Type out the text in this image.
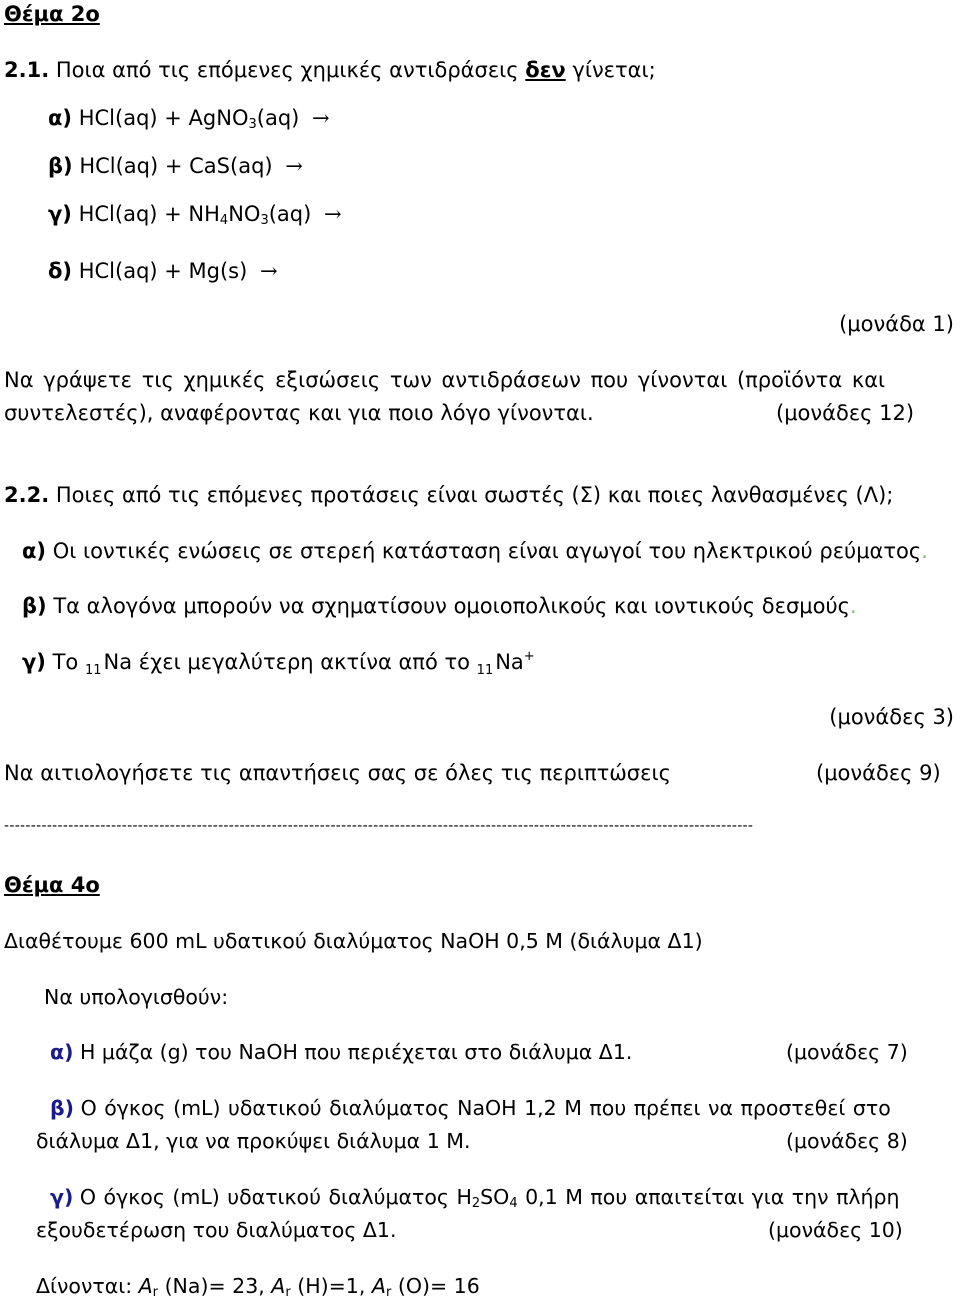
Θέμα 2ο
2.1. Ποια από τις επόμενες χημικές αντιδράσεις δεν γίνεται;
α) HCl(aq) + AgNO$_3$(aq) →
β) HCl(aq) + CaS(aq) →
γ) $HCl(aq) + NH_4NO_3(aq)$ →
δ) HCl(aq) + Mg(s) →
(μονάδα 1)
Να γράψετε τις χημικές εξισώσεις των αντιδράσεων που γίνονται (προϊόντα και
συντελεστές), αναφέροντας και για ποιο λόγο γίνονται.	(μονάδες 12)
2.2. Ποιες από τις επόμενες προτάσεις είναι σωστές (Σ) και ποιες λανθασμένες (Λ);
α) Οι ιοντικές ενώσεις σε στερεή κατάσταση είναι αγωγοί του ηλεκτρικού ρεύματος.
β) Τα αλογόνα μπορούν να σχηματίσουν ομοιοπολικούς και ιοντικούς δεσμούς.
γ) Το $_{11}$Na έχει μεγαλύτερη ακτίνα από το $_{11}$Na+
(μονάδες 3)
Να αιτιολογήσετε τις απαντήσεις σας σε όλες τις περιπτώσεις	(μονάδες 9)
--------------------------------------------------------------------------------------------------------------------------------------------
Θέμα 4ο
Διαθέτουμε 600 mL υδατικού διαλύματος NaOH 0,5 M (διάλυμα Δ1)
Να υπολογισθούν:
α) Η μάζα (g) του NaOH που περιέχεται στο διάλυμα Δ1.	(μονάδες 7)
β) Ο όγκος (mL) υδατικού διαλύματος NaOH 1,2 M που πρέπει να προστεθεί στο
διάλυμα Δ1, για να προκύψει διάλυμα 1 M.	(μονάδες 8)
γ) Ο όγκος (mL) υδατικού διαλύματος $H_2SO_4$ 0,1 M που απαιτείται για την πλήρη
εξουδετέρωση του διαλύματος Δ1.	(μονάδες 10)
Δίνονται: $A_r$ (Na)= 23, $A_r$ (H)=1, $A_r$ (O)= 16
